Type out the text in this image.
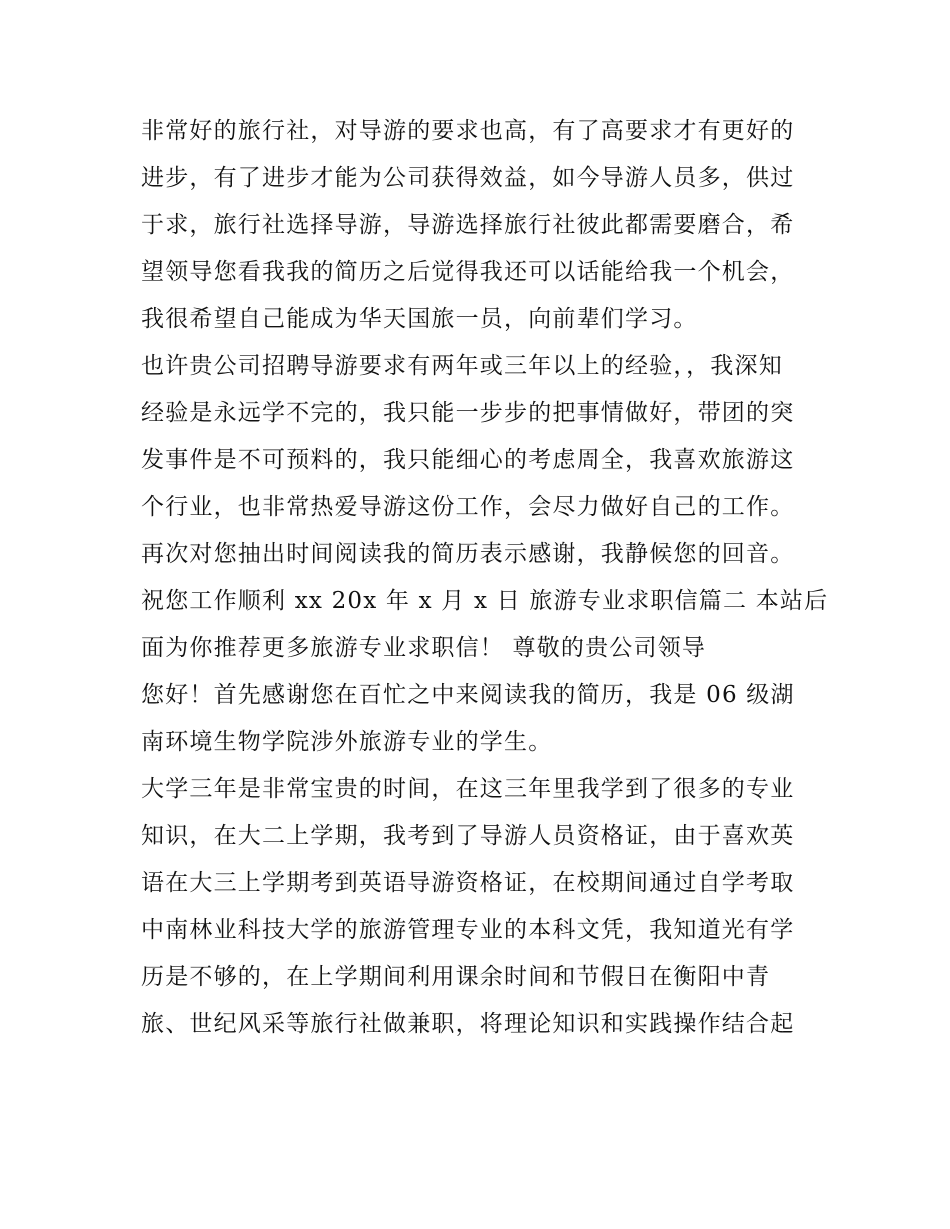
非常好的旅行社，对导游的要求也高，有了高要求才有更好的
进步，有了进步才能为公司获得效益，如今导游人员多，供过
于求，旅行社选择导游，导游选择旅行社彼此都需要磨合，希
望领导您看我我的简历之后觉得我还可以话能给我一个机会，
我很希望自己能成为华天国旅一员，向前辈们学习。
也许贵公司招聘导游要求有两年或三年以上的经验，，我深知
经验是永远学不完的，我只能一步步的把事情做好，带团的突
发事件是不可预料的，我只能细心的考虑周全，我喜欢旅游这
个行业，也非常热爱导游这份工作，会尽力做好自己的工作。
再次对您抽出时间阅读我的简历表示感谢，我静候您的回音。
祝您工作顺利 xx 20x 年 x 月 x 日 旅游专业求职信篇二 本站后
面为你推荐更多旅游专业求职信！ 尊敬的贵公司领导
您好！首先感谢您在百忙之中来阅读我的简历，我是 06 级湖
南环境生物学院涉外旅游专业的学生。
大学三年是非常宝贵的时间，在这三年里我学到了很多的专业
知识，在大二上学期，我考到了导游人员资格证，由于喜欢英
语在大三上学期考到英语导游资格证，在校期间通过自学考取
中南林业科技大学的旅游管理专业的本科文凭，我知道光有学
历是不够的，在上学期间利用课余时间和节假日在衡阳中青
旅、世纪风采等旅行社做兼职，将理论知识和实践操作结合起
